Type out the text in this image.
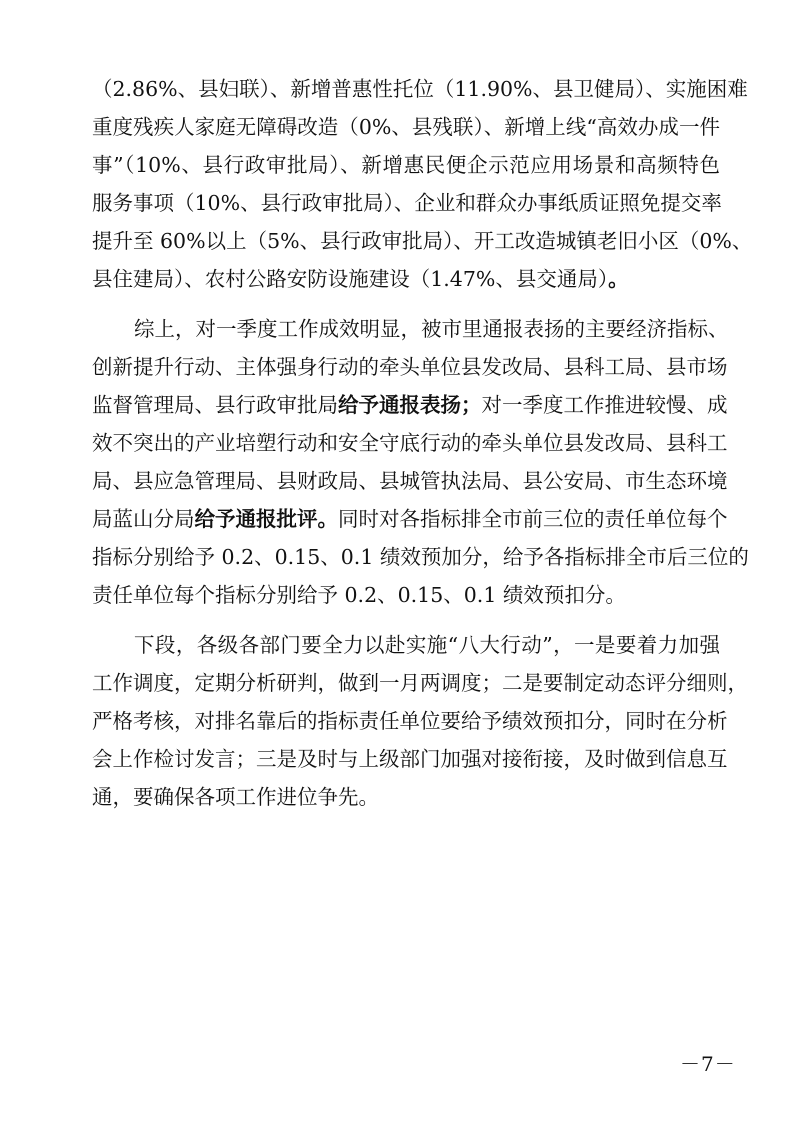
（2.86%、县妇联）、新增普惠性托位（11.90%、县卫健局）、实施困难
重度残疾人家庭无障碍改造（0%、县残联）、新增上线“高效办成一件
事”（10%、县行政审批局）、新增惠民便企示范应用场景和高频特色
服务事项（10%、县行政审批局）、企业和群众办事纸质证照免提交率
提升至 60%以上（5%、县行政审批局）、开工改造城镇老旧小区（0%、
县住建局）、农村公路安防设施建设（1.47%、县交通局）。
综上，对一季度工作成效明显，被市里通报表扬的主要经济指标、
创新提升行动、主体强身行动的牵头单位县发改局、县科工局、县市场
监督管理局、县行政审批局给予通报表扬；对一季度工作推进较慢、成
效不突出的产业培塑行动和安全守底行动的牵头单位县发改局、县科工
局、县应急管理局、县财政局、县城管执法局、县公安局、市生态环境
局蓝山分局给予通报批评。同时对各指标排全市前三位的责任单位每个
指标分别给予 0.2、0.15、0.1 绩效预加分，给予各指标排全市后三位的
责任单位每个指标分别给予 0.2、0.15、0.1 绩效预扣分。
下段，各级各部门要全力以赴实施“八大行动”，一是要着力加强
工作调度，定期分析研判，做到一月两调度；二是要制定动态评分细则，
严格考核，对排名靠后的指标责任单位要给予绩效预扣分，同时在分析
会上作检讨发言；三是及时与上级部门加强对接衔接，及时做到信息互
通，要确保各项工作进位争先。
－7－
